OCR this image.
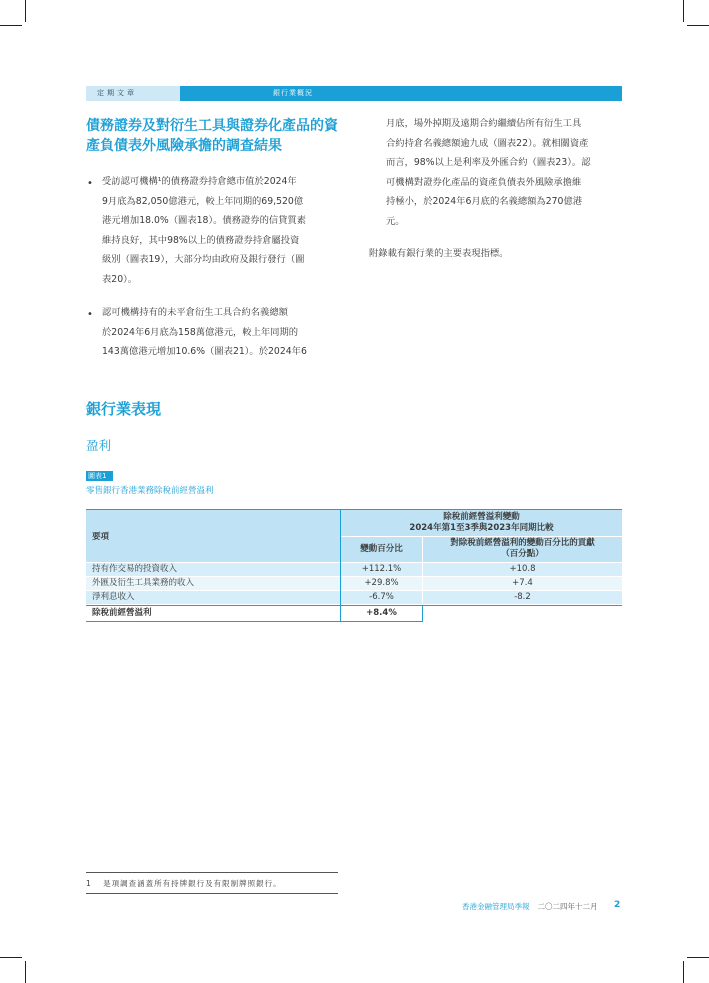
銀行業概況
定期文章
債務證券及對衍生工具與證券化產品的資產負債表外風險承擔的調查結果
• 受訪認可機構¹的債務證券持倉總市值於2024年
9月底為82,050億港元，較上年同期的69,520億
港元增加18.0%（圖表18）。債務證券的信貸質素
維持良好，其中98%以上的債務證券持倉屬投資
級別（圖表19），大部分均由政府及銀行發行（圖
表20）。
• 認可機構持有的未平倉衍生工具合約名義總額
於2024年6月底為158萬億港元，較上年同期的
143萬億港元增加10.6%（圖表21）。於2024年6
月底，場外掉期及遠期合約繼續佔所有衍生工具
合約持倉名義總額逾九成（圖表22）。就相關資產
而言，98%以上是利率及外匯合約（圖表23）。認
可機構對證券化產品的資產負債表外風險承擔維
持極小，於2024年6月底的名義總額為270億港
元。
附錄載有銀行業的主要表現指標。
銀行業表現
盈利
圖表1
零售銀行香港業務除稅前經營溢利
要項
除稅前經營溢利變動
2024年第1至3季與2023年同期比較
變動百分比
對除稅前經營溢利的變動百分比的貢獻
（百分點）
持有作交易的投資收入	+112.1%	+10.8
外匯及衍生工具業務的收入	+29.8%	+7.4
淨利息收入	-6.7%	-8.2
除稅前經營溢利	+8.4%
1 是項調查涵蓋所有持牌銀行及有限制牌照銀行。
香港金融管理局季報 二〇二四年十二月 2
